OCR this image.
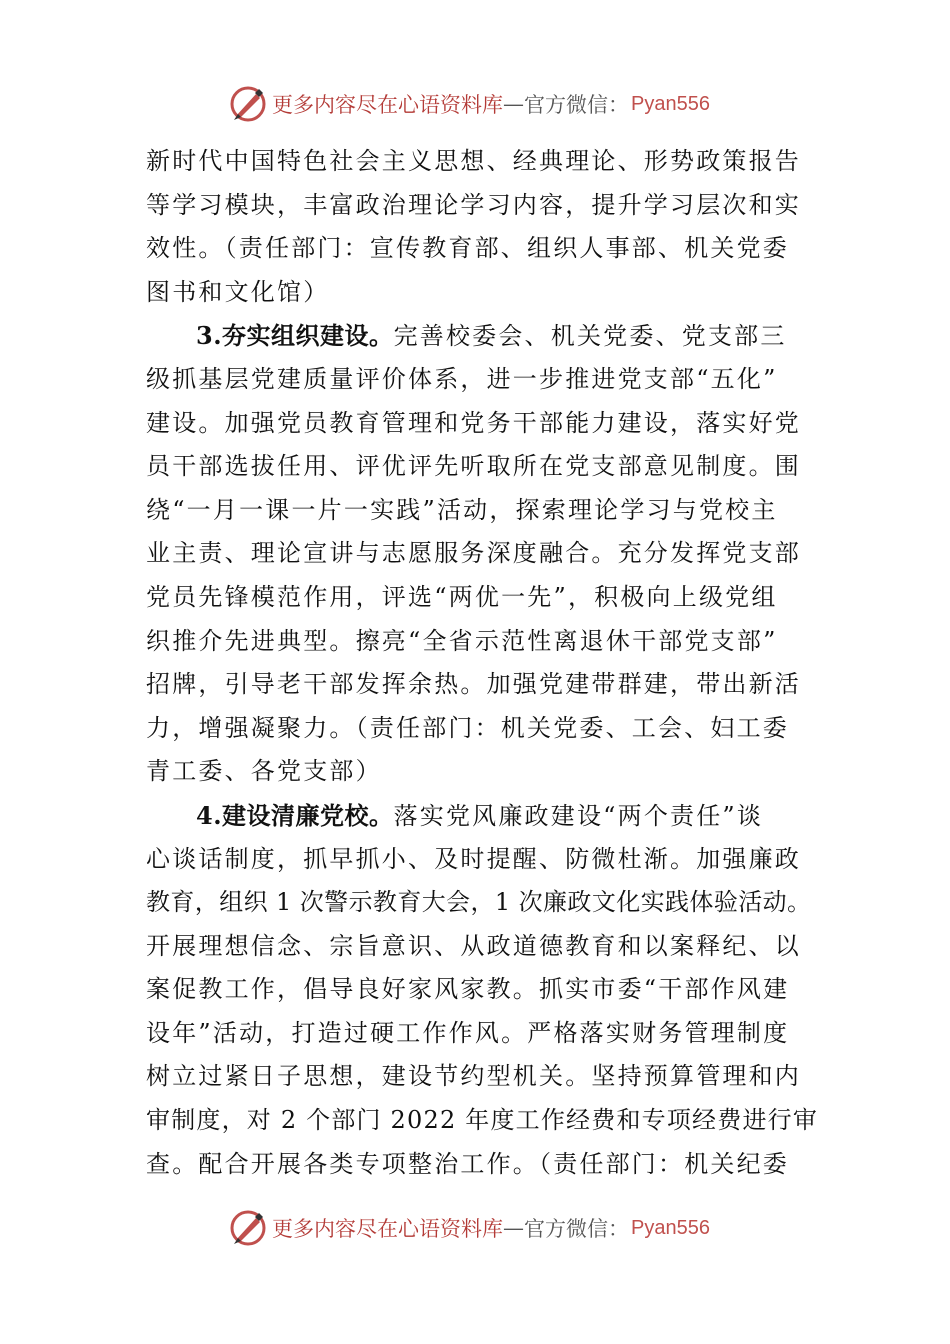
更多内容尽在心语资料库 — 官方微信： Pyan556
新时代中国特色社会主义思想、经典理论、形势政策报告
等学习模块，丰富政治理论学习内容，提升学习层次和实
效性。（责任部门：宣传教育部、组织人事部、机关党委
图书和文化馆）
3.夯实组织建设。完善校委会、机关党委、党支部三
级抓基层党建质量评价体系，进一步推进党支部“五化”
建设。加强党员教育管理和党务干部能力建设，落实好党
员干部选拔任用、评优评先听取所在党支部意见制度。围
绕“一月一课一片一实践”活动，探索理论学习与党校主
业主责、理论宣讲与志愿服务深度融合。充分发挥党支部
党员先锋模范作用，评选“两优一先”，积极向上级党组
织推介先进典型。擦亮“全省示范性离退休干部党支部”
招牌，引导老干部发挥余热。加强党建带群建，带出新活
力，增强凝聚力。（责任部门：机关党委、工会、妇工委
青工委、各党支部）
4.建设清廉党校。落实党风廉政建设“两个责任”谈
心谈话制度，抓早抓小、及时提醒、防微杜渐。加强廉政
教育，组织 1 次警示教育大会，1 次廉政文化实践体验活动。
开展理想信念、宗旨意识、从政道德教育和以案释纪、以
案促教工作，倡导良好家风家教。抓实市委“干部作风建
设年”活动，打造过硬工作作风。严格落实财务管理制度
树立过紧日子思想，建设节约型机关。坚持预算管理和内
审制度，对 2 个部门 2022 年度工作经费和专项经费进行审
查。配合开展各类专项整治工作。（责任部门：机关纪委
更多内容尽在心语资料库 — 官方微信： Pyan556
